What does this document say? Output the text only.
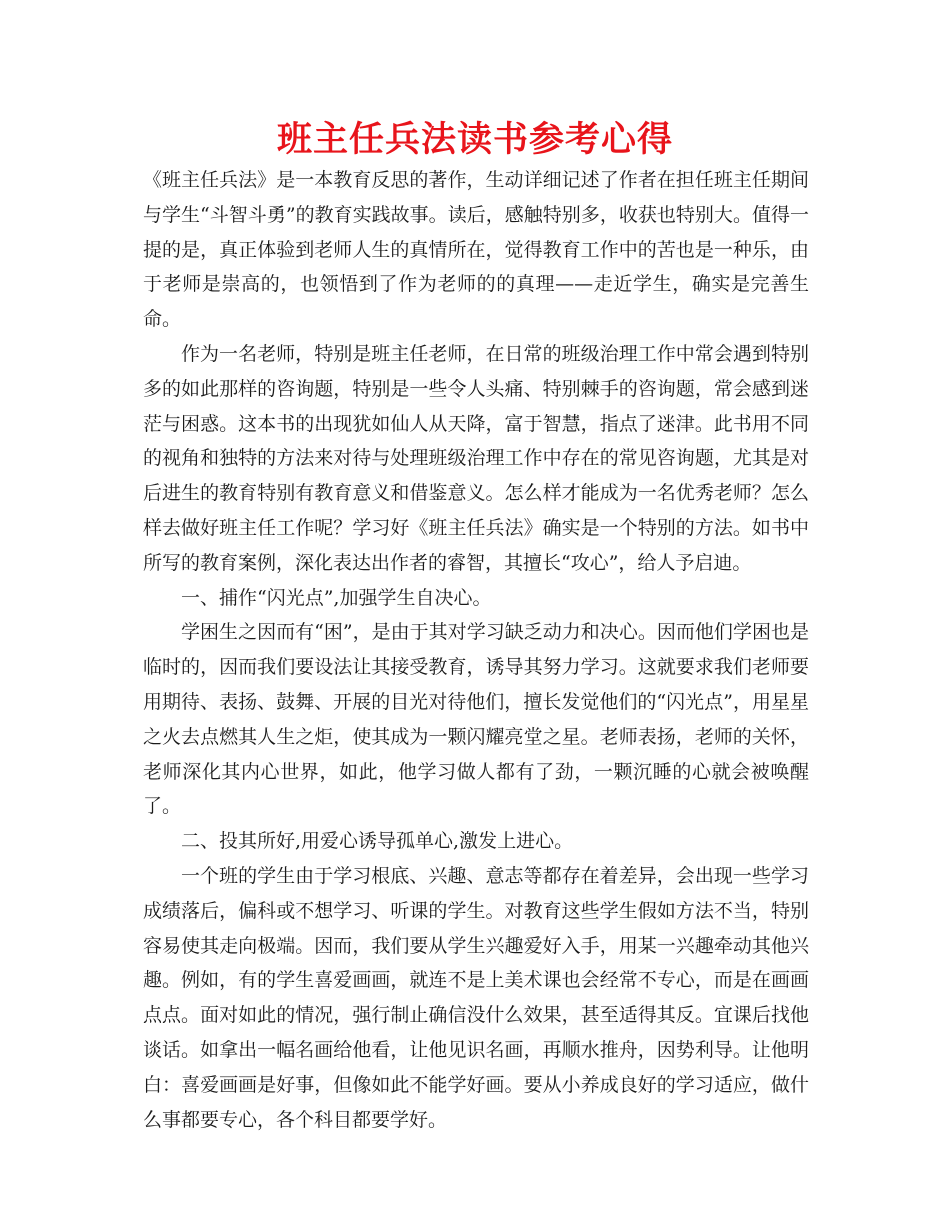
班主任兵法读书参考心得

《班主任兵法》是一本教育反思的著作，生动详细记述了作者在担任班主任期间与学生“斗智斗勇”的教育实践故事。读后，感触特别多，收获也特别大。值得一提的是，真正体验到老师人生的真情所在，觉得教育工作中的苦也是一种乐，由于老师是崇高的，也领悟到了作为老师的的真理——走近学生，确实是完善生命。

作为一名老师，特别是班主任老师，在日常的班级治理工作中常会遇到特别多的如此那样的咨询题，特别是一些令人头痛、特别棘手的咨询题，常会感到迷茫与困惑。这本书的出现犹如仙人从天降，富于智慧，指点了迷津。此书用不同的视角和独特的方法来对待与处理班级治理工作中存在的常见咨询题，尤其是对后进生的教育特别有教育意义和借鉴意义。怎么样才能成为一名优秀老师？怎么样去做好班主任工作呢？学习好《班主任兵法》确实是一个特别的方法。如书中所写的教育案例，深化表达出作者的睿智，其擅长“攻心”，给人予启迪。

一、捕作“闪光点”,加强学生自决心。

学困生之因而有“困”，是由于其对学习缺乏动力和决心。因而他们学困也是临时的，因而我们要设法让其接受教育，诱导其努力学习。这就要求我们老师要用期待、表扬、鼓舞、开展的目光对待他们，擅长发觉他们的“闪光点”，用星星之火去点燃其人生之炬，使其成为一颗闪耀亮堂之星。老师表扬，老师的关怀，老师深化其内心世界，如此，他学习做人都有了劲，一颗沉睡的心就会被唤醒了。

二、投其所好,用爱心诱导孤单心,激发上进心。

一个班的学生由于学习根底、兴趣、意志等都存在着差异，会出现一些学习成绩落后，偏科或不想学习、听课的学生。对教育这些学生假如方法不当，特别容易使其走向极端。因而，我们要从学生兴趣爱好入手，用某一兴趣牵动其他兴趣。例如，有的学生喜爱画画，就连不是上美术课也会经常不专心，而是在画画点点。面对如此的情况，强行制止确信没什么效果，甚至适得其反。宜课后找他谈话。如拿出一幅名画给他看，让他见识名画，再顺水推舟，因势利导。让他明白：喜爱画画是好事，但像如此不能学好画。要从小养成良好的学习适应，做什么事都要专心，各个科目都要学好。
